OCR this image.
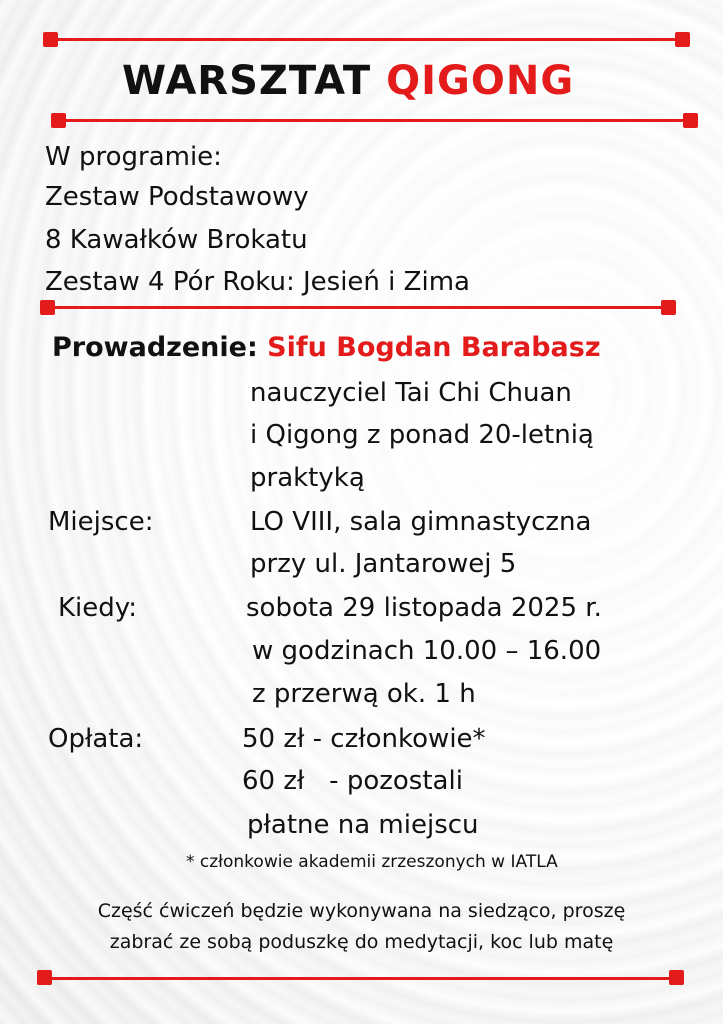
WARSZTAT QIGONG
W programie:
Zestaw Podstawowy
8 Kawałków Brokatu
Zestaw 4 Pór Roku: Jesień i Zima
Prowadzenie: Sifu Bogdan Barabasz
nauczyciel Tai Chi Chuan
i Qigong z ponad 20-letnią
praktyką
Miejsce:	LO VIII, sala gimnastyczna
przy ul. Jantarowej 5
Kiedy:	sobota 29 listopada 2025 r.
w godzinach 10.00 – 16.00
z przerwą ok. 1 h
Opłata:	50 zł - członkowie*
60 zł   - pozostali
płatne na miejscu
* członkowie akademii zrzeszonych w IATLA
Część ćwiczeń będzie wykonywana na siedząco, proszę
zabrać ze sobą poduszkę do medytacji, koc lub matę
